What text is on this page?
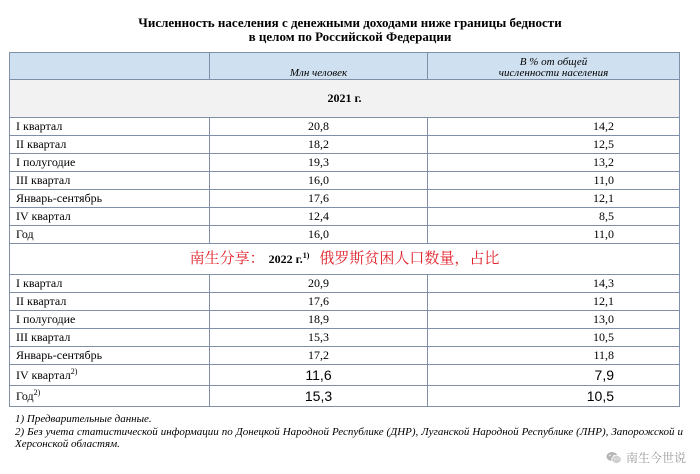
Численность населения с денежными доходами ниже границы бедности
в целом по Российской Федерации

	Млн человек	В % от общей
численности населения

2021 г.		
I квартал	20,8	14,2
II квартал	18,2	12,5
I полугодие	19,3	13,2
III квартал	16,0	11,0
Январь-сентябрь	17,6	12,1
IV квартал	12,4	8,5
Год	16,0	11,0
南生分享： 2022 г.$^{1)}$ 俄罗斯贫困人口数量，占比		
I квартал	20,9	14,3
II квартал	17,6	12,1
I полугодие	18,9	13,0
III квартал	15,3	10,5
Январь-сентябрь	17,2	11,8
IV квартал$^{2)}$	11,6	7,9
Год$^{2)}$	15,3	10,5

1) Предварительные данные.

2) Без учета статистической информации по Донецкой Народной Республике (ДНР), Луганской Народной Республике (ЛНР), Запорожской и Херсонской областям.

南生今世说
